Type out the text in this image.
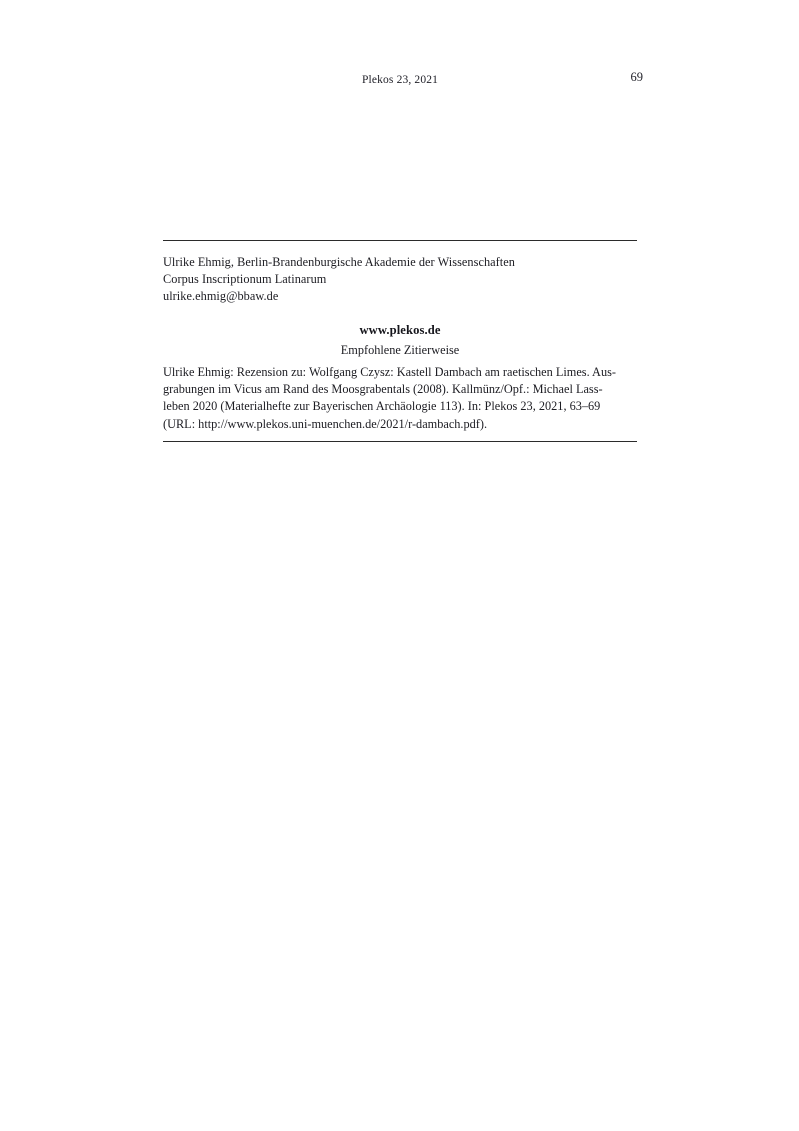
Plekos 23, 2021	69
Ulrike Ehmig, Berlin-Brandenburgische Akademie der Wissenschaften
Corpus Inscriptionum Latinarum
ulrike.ehmig@bbaw.de
www.plekos.de
Empfohlene Zitierweise
Ulrike Ehmig: Rezension zu: Wolfgang Czysz: Kastell Dambach am raetischen Limes. Aus-
grabungen im Vicus am Rand des Moosgrabentals (2008). Kallmünz/Opf.: Michael Lass-
leben 2020 (Materialhefte zur Bayerischen Archäologie 113). In: Plekos 23, 2021, 63–69
(URL: http://www.plekos.uni-muenchen.de/2021/r-dambach.pdf).
